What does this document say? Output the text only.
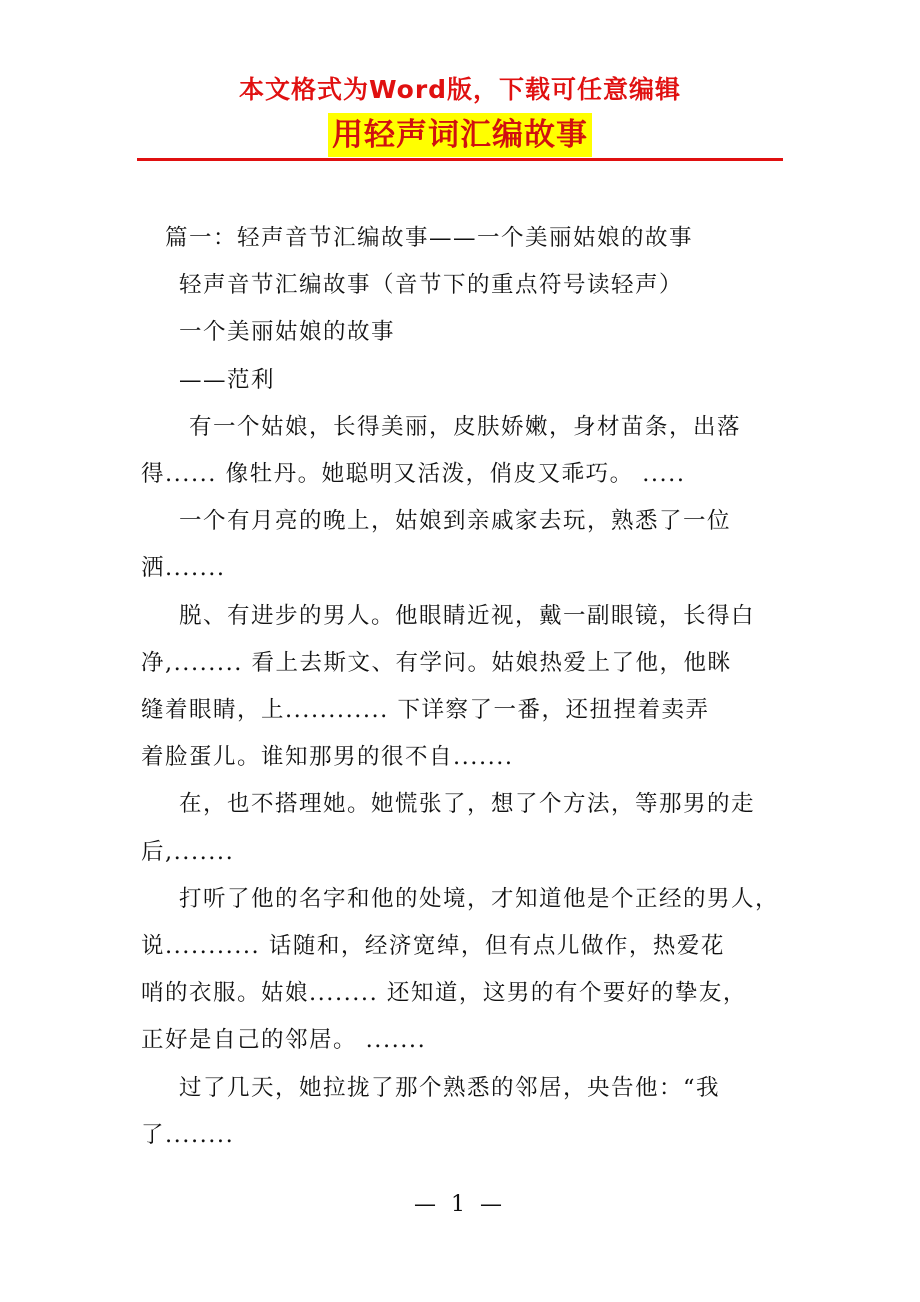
本文格式为Word版，下载可任意编辑
用轻声词汇编故事

篇一：轻声音节汇编故事——一个美丽姑娘的故事

轻声音节汇编故事（音节下的重点符号读轻声）

一个美丽姑娘的故事

——范利

有一个姑娘，长得美丽，皮肤娇嫩，身材苗条，出落

得...... 像牡丹。她聪明又活泼，俏皮又乖巧。 .....

一个有月亮的晚上，姑娘到亲戚家去玩，熟悉了一位

洒.......

脱、有进步的男人。他眼睛近视，戴一副眼镜，长得白

净,........ 看上去斯文、有学问。姑娘热爱上了他，他眯

缝着眼睛，上............ 下详察了一番，还扭捏着卖弄

着脸蛋儿。谁知那男的很不自.......

在，也不搭理她。她慌张了，想了个方法，等那男的走

后,.......

打听了他的名字和他的处境，才知道他是个正经的男人，

说........... 话随和，经济宽绰，但有点儿做作，热爱花

哨的衣服。姑娘........ 还知道，这男的有个要好的挚友，

正好是自己的邻居。 .......

过了几天，她拉拢了那个熟悉的邻居，央告他：“我

了........

— 1 —
